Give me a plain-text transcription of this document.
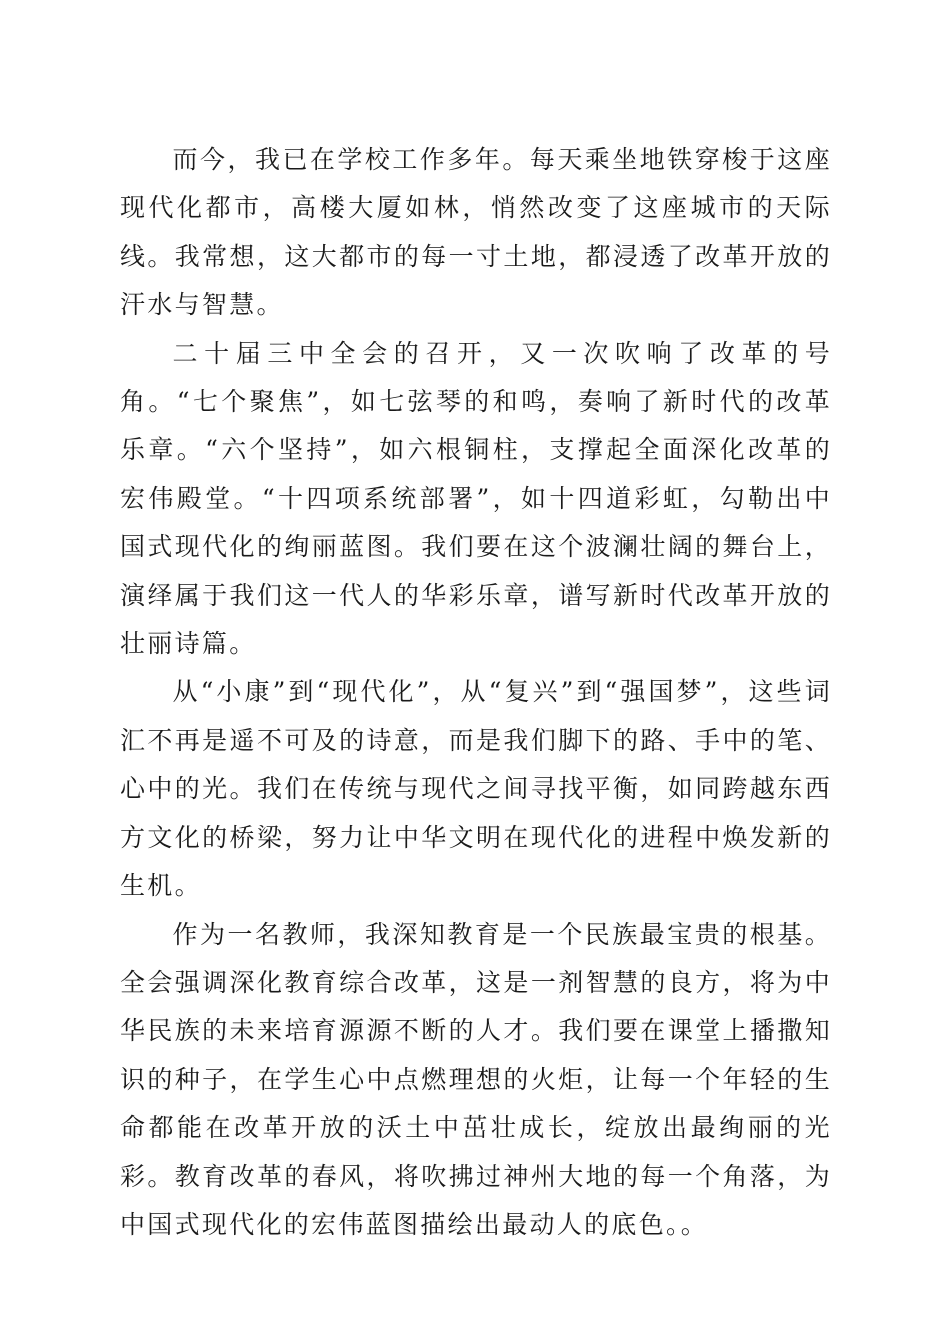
而今，我已在学校工作多年。每天乘坐地铁穿梭于这座现代化都市，高楼大厦如林，悄然改变了这座城市的天际线。我常想，这大都市的每一寸土地，都浸透了改革开放的汗水与智慧。

二十届三中全会的召开，又一次吹响了改革的号角。“七个聚焦”，如七弦琴的和鸣，奏响了新时代的改革乐章。“六个坚持”，如六根铜柱，支撑起全面深化改革的宏伟殿堂。“十四项系统部署”，如十四道彩虹，勾勒出中国式现代化的绚丽蓝图。我们要在这个波澜壮阔的舞台上，演绎属于我们这一代人的华彩乐章，谱写新时代改革开放的壮丽诗篇。

从“小康”到“现代化”，从“复兴”到“强国梦”，这些词汇不再是遥不可及的诗意，而是我们脚下的路、手中的笔、心中的光。我们在传统与现代之间寻找平衡，如同跨越东西方文化的桥梁，努力让中华文明在现代化的进程中焕发新的生机。

作为一名教师，我深知教育是一个民族最宝贵的根基。全会强调深化教育综合改革，这是一剂智慧的良方，将为中华民族的未来培育源源不断的人才。我们要在课堂上播撒知识的种子，在学生心中点燃理想的火炬，让每一个年轻的生命都能在改革开放的沃土中茁壮成长，绽放出最绚丽的光彩。教育改革的春风，将吹拂过神州大地的每一个角落，为中国式现代化的宏伟蓝图描绘出最动人的底色。。
